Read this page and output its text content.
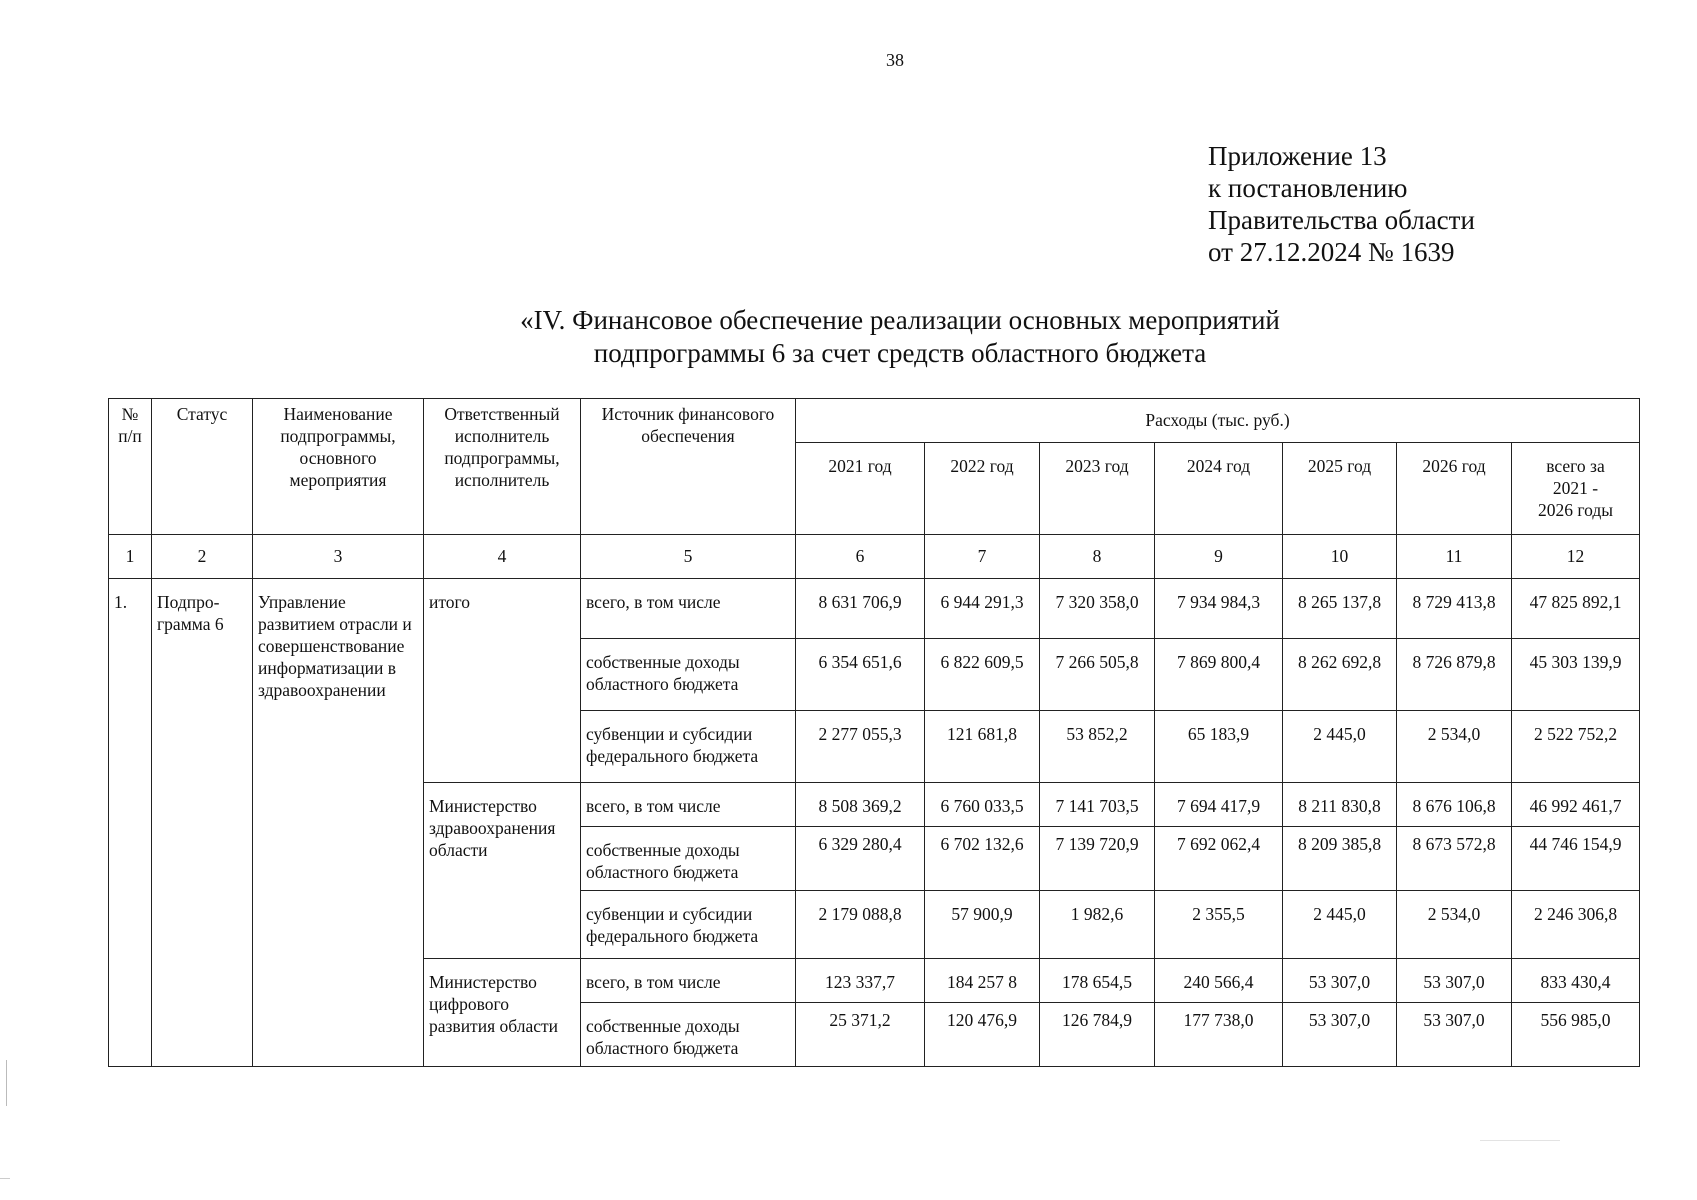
38
Приложение 13
к постановлению
Правительства области
от 27.12.2024 № 1639
«IV. Финансовое обеспечение реализации основных мероприятий
подпрограммы 6 за счет средств областного бюджета
№ п/п	Статус	Наименование подпрограммы, основного мероприятия	Ответственный исполнитель подпрограммы, исполнитель	Источник финансового обеспечения	Расходы (тыс. руб.)						
					2021 год	2022 год	2023 год	2024 год	2025 год	2026 год	всего за 2021 - 2026 годы
1	2	3	4	5	6	7	8	9	10	11	12
1.	Подпро-грамма 6	Управление развитием отрасли и совершенствование информатизации в здравоохранении	итого	всего, в том числе	8 631 706,9	6 944 291,3	7 320 358,0	7 934 984,3	8 265 137,8	8 729 413,8	47 825 892,1
				собственные доходы областного бюджета	6 354 651,6	6 822 609,5	7 266 505,8	7 869 800,4	8 262 692,8	8 726 879,8	45 303 139,9
				субвенции и субсидии федерального бюджета	2 277 055,3	121 681,8	53 852,2	65 183,9	2 445,0	2 534,0	2 522 752,2
			Министерство здравоохранения области	всего, в том числе	8 508 369,2	6 760 033,5	7 141 703,5	7 694 417,9	8 211 830,8	8 676 106,8	46 992 461,7
				собственные доходы областного бюджета	6 329 280,4	6 702 132,6	7 139 720,9	7 692 062,4	8 209 385,8	8 673 572,8	44 746 154,9
				субвенции и субсидии федерального бюджета	2 179 088,8	57 900,9	1 982,6	2 355,5	2 445,0	2 534,0	2 246 306,8
			Министерство цифрового развития области	всего, в том числе	123 337,7	184 257 8	178 654,5	240 566,4	53 307,0	53 307,0	833 430,4
				собственные доходы областного бюджета	25 371,2	120 476,9	126 784,9	177 738,0	53 307,0	53 307,0	556 985,0
